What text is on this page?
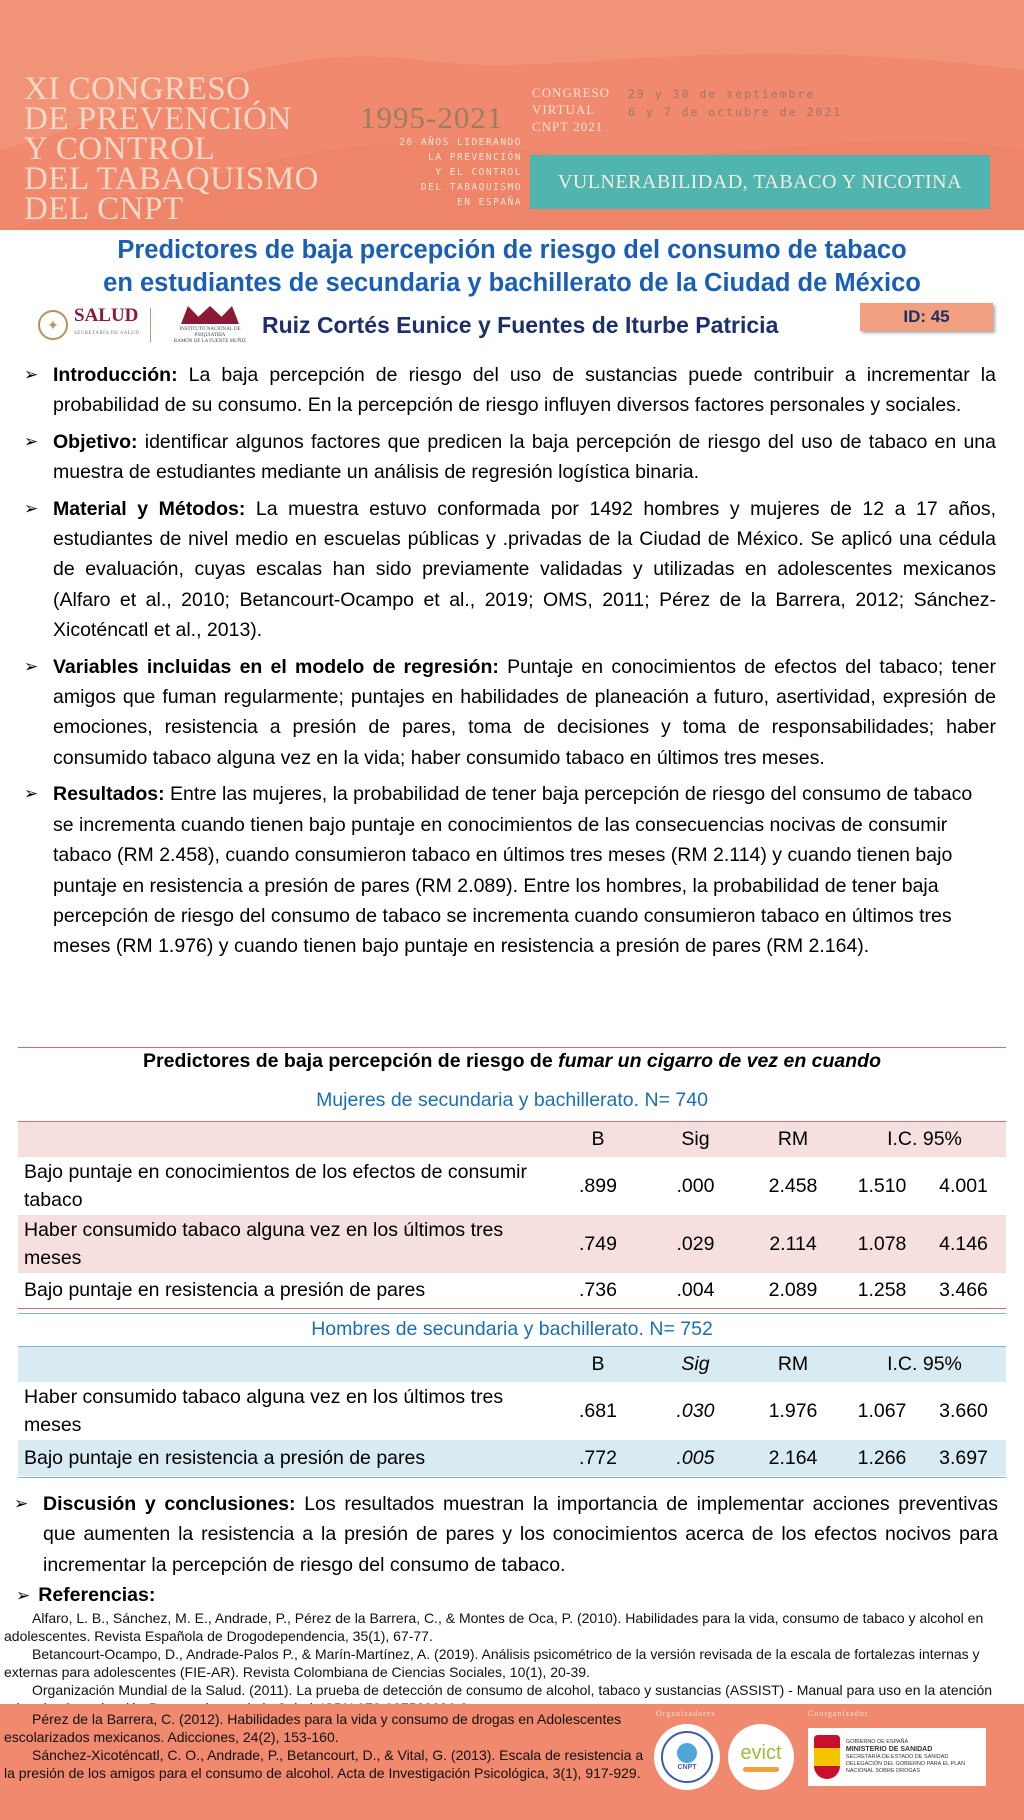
XI CONGRESO
DE PREVENCIÓN
Y CONTROL
DEL TABAQUISMO
DEL CNPT
1995-2021
26 AÑOS LIDERANDO
LA PREVENCIÓN
Y EL CONTROL
DEL TABAQUISMO
EN ESPAÑA
CONGRESO
VIRTUAL
CNPT 2021
29 y 30 de septiembre
6 y 7 de octubre de 2021
VULNERABILIDAD, TABACO Y NICOTINA
Predictores de baja percepción de riesgo del consumo de tabaco
en estudiantes de secundaria y bachillerato de la Ciudad de México
✦ SALUD
SECRETARÍA DE SALUD
INSTITUTO NACIONAL DE PSIQUIATRÍA
RAMÓN DE LA FUENTE MUÑIZ
Ruiz Cortés Eunice y Fuentes de Iturbe Patricia	ID: 45
➢ Introducción: La baja percepción de riesgo del uso de sustancias puede contribuir a incrementar la probabilidad de su consumo. En la percepción de riesgo influyen diversos factores personales y sociales.
➢ Objetivo: identificar algunos factores que predicen la baja percepción de riesgo del uso de tabaco en una muestra de estudiantes mediante un análisis de regresión logística binaria.
➢ Material y Métodos: La muestra estuvo conformada por 1492 hombres y mujeres de 12 a 17 años, estudiantes de nivel medio en escuelas públicas y .privadas de la Ciudad de México. Se aplicó una cédula de evaluación, cuyas escalas han sido previamente validadas y utilizadas en adolescentes mexicanos (Alfaro et al., 2010; Betancourt-Ocampo et al., 2019; OMS, 2011; Pérez de la Barrera, 2012; Sánchez-Xicoténcatl et al., 2013).
➢ Variables incluidas en el modelo de regresión: Puntaje en conocimientos de efectos del tabaco; tener amigos que fuman regularmente; puntajes en habilidades de planeación a futuro, asertividad, expresión de emociones, resistencia a presión de pares, toma de decisiones y toma de responsabilidades; haber consumido tabaco alguna vez en la vida; haber consumido tabaco en últimos tres meses.
➢ Resultados: Entre las mujeres, la probabilidad de tener baja percepción de riesgo del consumo de tabaco se incrementa cuando tienen bajo puntaje en conocimientos de las consecuencias nocivas de consumir tabaco (RM 2.458), cuando consumieron tabaco en últimos tres meses (RM 2.114) y cuando tienen bajo puntaje en resistencia a presión de pares (RM 2.089). Entre los hombres, la probabilidad de tener baja percepción de riesgo del consumo de tabaco se incrementa cuando consumieron tabaco en últimos tres meses (RM 1.976) y cuando tienen bajo puntaje en resistencia a presión de pares (RM 2.164).
Predictores de baja percepción de riesgo de fumar un cigarro de vez en cuando
Mujeres de secundaria y bachillerato. N= 740
	B	Sig	RM	I.C. 95%	
Bajo puntaje en conocimientos de los efectos de consumir tabaco	.899	.000	2.458	1.510	4.001
Haber consumido tabaco alguna vez en los últimos tres meses	.749	.029	2.114	1.078	4.146
Bajo puntaje en resistencia a presión de pares	.736	.004	2.089	1.258	3.466
Hombres de secundaria y bachillerato. N= 752
	B	Sig	RM	I.C. 95%	
Haber consumido tabaco alguna vez en los últimos tres meses	.681	.030	1.976	1.067	3.660
Bajo puntaje en resistencia a presión de pares	.772	.005	2.164	1.266	3.697
➢ Discusión y conclusiones: Los resultados muestran la importancia de implementar acciones preventivas que aumenten la resistencia a la presión de pares y los conocimientos acerca de los efectos nocivos para incrementar la percepción de riesgo del consumo de tabaco.
➢ Referencias:

Alfaro, L. B., Sánchez, M. E., Andrade, P., Pérez de la Barrera, C., & Montes de Oca, P. (2010). Habilidades para la vida, consumo de tabaco y alcohol en adolescentes. Revista Española de Drogodependencia, 35(1), 67-77.

Betancourt-Ocampo, D., Andrade-Palos P., & Marín-Martínez, A. (2019). Análisis psicométrico de la versión revisada de la escala de fortalezas internas y externas para adolescentes (FIE-AR). Revista Colombiana de Ciencias Sociales, 10(1), 20-39.

Organización Mundial de la Salud. (2011). La prueba de detección de consumo de alcohol, tabaco y sustancias (ASSIST) - Manual para uso en la atención

Pérez de la Barrera, C. (2012). Habilidades para la vida y consumo de drogas en Adolescentes escolarizados mexicanos. Adicciones, 24(2), 153-160.

Sánchez-Xicoténcatl, C. O., Andrade, P., Betancourt, D., & Vital, G. (2013). Escala de resistencia a la presión de los amigos para el consumo de alcohol. Acta de Investigación Psicológica, 3(1), 917-929.

Organizadores	Coorganizador
CNPT
evict	GOBIERNO DE ESPAÑA
MINISTERIO DE SANIDAD
SECRETARÍA DE ESTADO DE SANIDAD
DELEGACIÓN DEL GOBIERNO PARA EL PLAN NACIONAL SOBRE DROGAS
